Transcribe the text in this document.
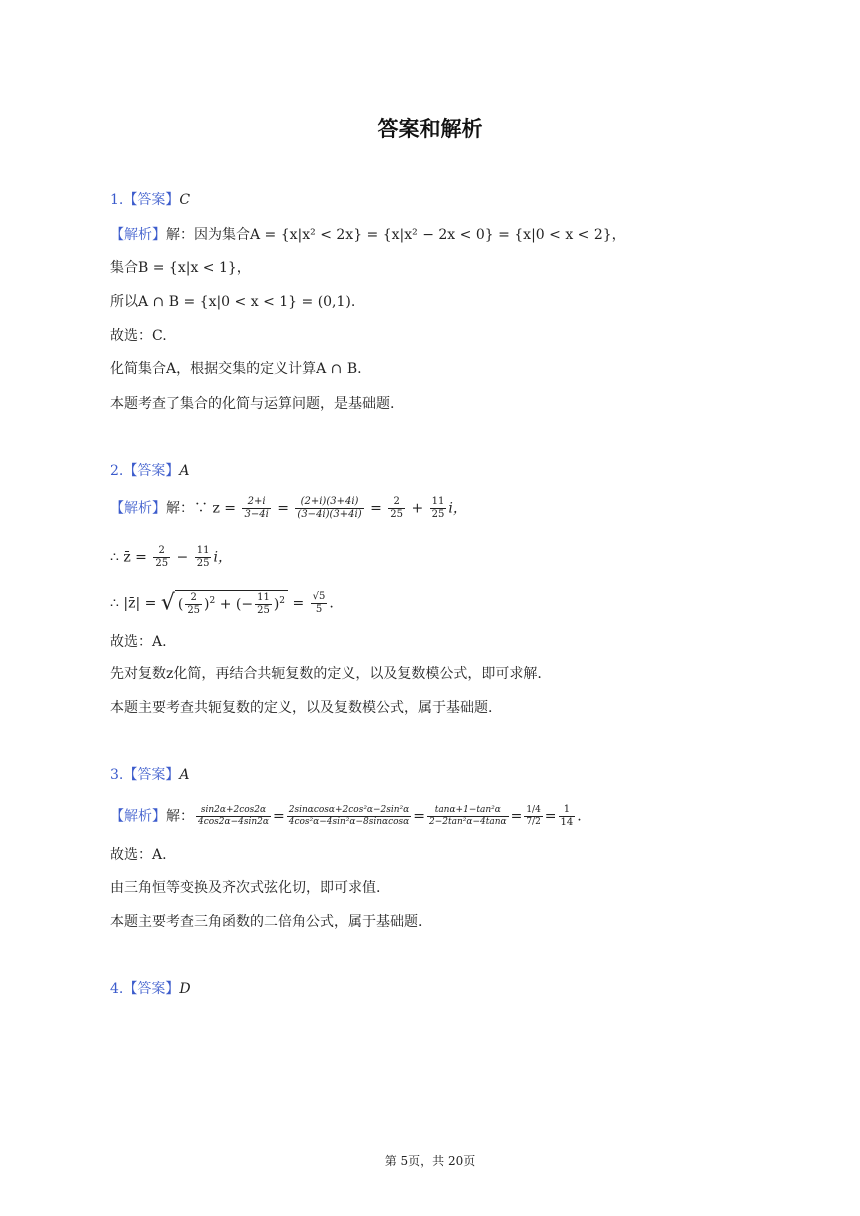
答案和解析
1.【答案】C
【解析】解：因为集合A = {x|x² < 2x} = {x|x² − 2x < 0} = {x|0 < x < 2}，
集合B = {x|x < 1}，
所以A ∩ B = {x|0 < x < 1} = (0,1).
故选：C.
化简集合A，根据交集的定义计算A ∩ B.
本题考查了集合的化简与运算问题，是基础题.
2.【答案】A
【解析】解：∵ $z = \frac{2+i}{3-4i} = \frac{(2+i)(3+4i)}{(3-4i)(3+4i)} = \frac{2}{25} + \frac{11}{25}$ i，
∴ z̄ = $\frac{2}{25} - \frac{11}{25}$ i，
∴ |z̄| = √ ( $\frac{2}{25} )^2$ + (− $\frac{11}{25} )^2 = \frac{√5}{5}$ .
故选：A.
先对复数z化简，再结合共轭复数的定义，以及复数模公式，即可求解.
本题主要考查共轭复数的定义，以及复数模公式，属于基础题.
3.【答案】A
【解析】解： $\frac{\sin 2\alpha+2\cos 2\alpha}{4\cos 2\alpha-4\sin 2\alpha} = \frac{\text{2sinαcosα+2cos²α−2sin²α}}{\text{4cos²α−4sin²α−8sinαcosα}} = \frac{\text{tanα+1−tan²α}}{\text{2−2tan²α−4tanα}} = \frac{1/4}{7/2} = \frac{1}{14}$ .
故选：A.
由三角恒等变换及齐次式弦化切，即可求值.
本题主要考查三角函数的二倍角公式，属于基础题.
4.【答案】D
第 5页，共 20页
